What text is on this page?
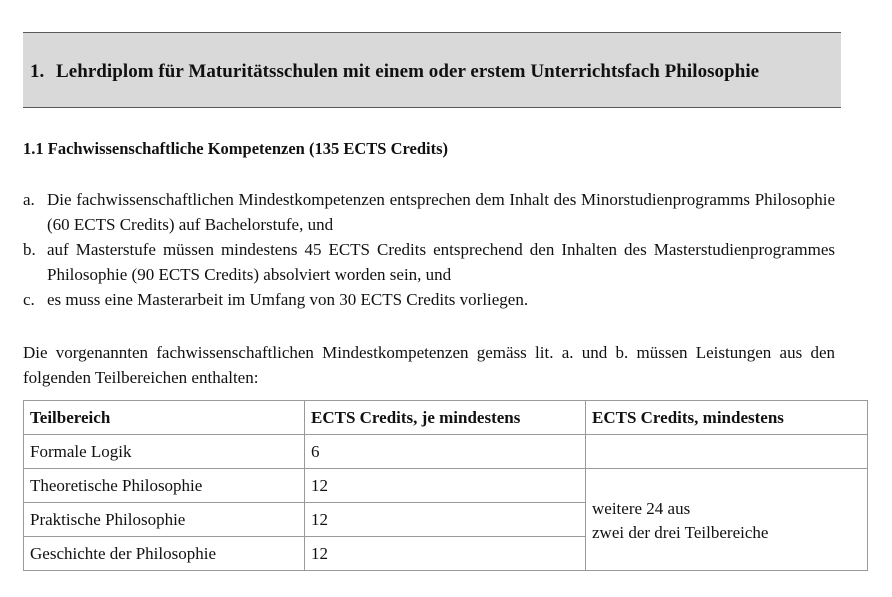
1. Lehrdiplom für Maturitätsschulen mit einem oder erstem Unterrichtsfach Philosophie
1.1 Fachwissenschaftliche Kompetenzen (135 ECTS Credits)
a. Die fachwissenschaftlichen Mindestkompetenzen entsprechen dem Inhalt des Minorstudienprogramms Philosophie (60 ECTS Credits) auf Bachelorstufe, und
b. auf Masterstufe müssen mindestens 45 ECTS Credits entsprechend den Inhalten des Masterstudienprogrammes Philosophie (90 ECTS Credits) absolviert worden sein, und
c. es muss eine Masterarbeit im Umfang von 30 ECTS Credits vorliegen.
Die vorgenannten fachwissenschaftlichen Mindestkompetenzen gemäss lit. a. und b. müssen Leistungen aus den folgenden Teilbereichen enthalten:
Teilbereich	ECTS Credits, je mindestens	ECTS Credits, mindestens
Formale Logik	6	
Theoretische Philosophie	12	weitere 24 aus
zwei der drei Teilbereiche

Praktische Philosophie	12	
Geschichte der Philosophie	12	
